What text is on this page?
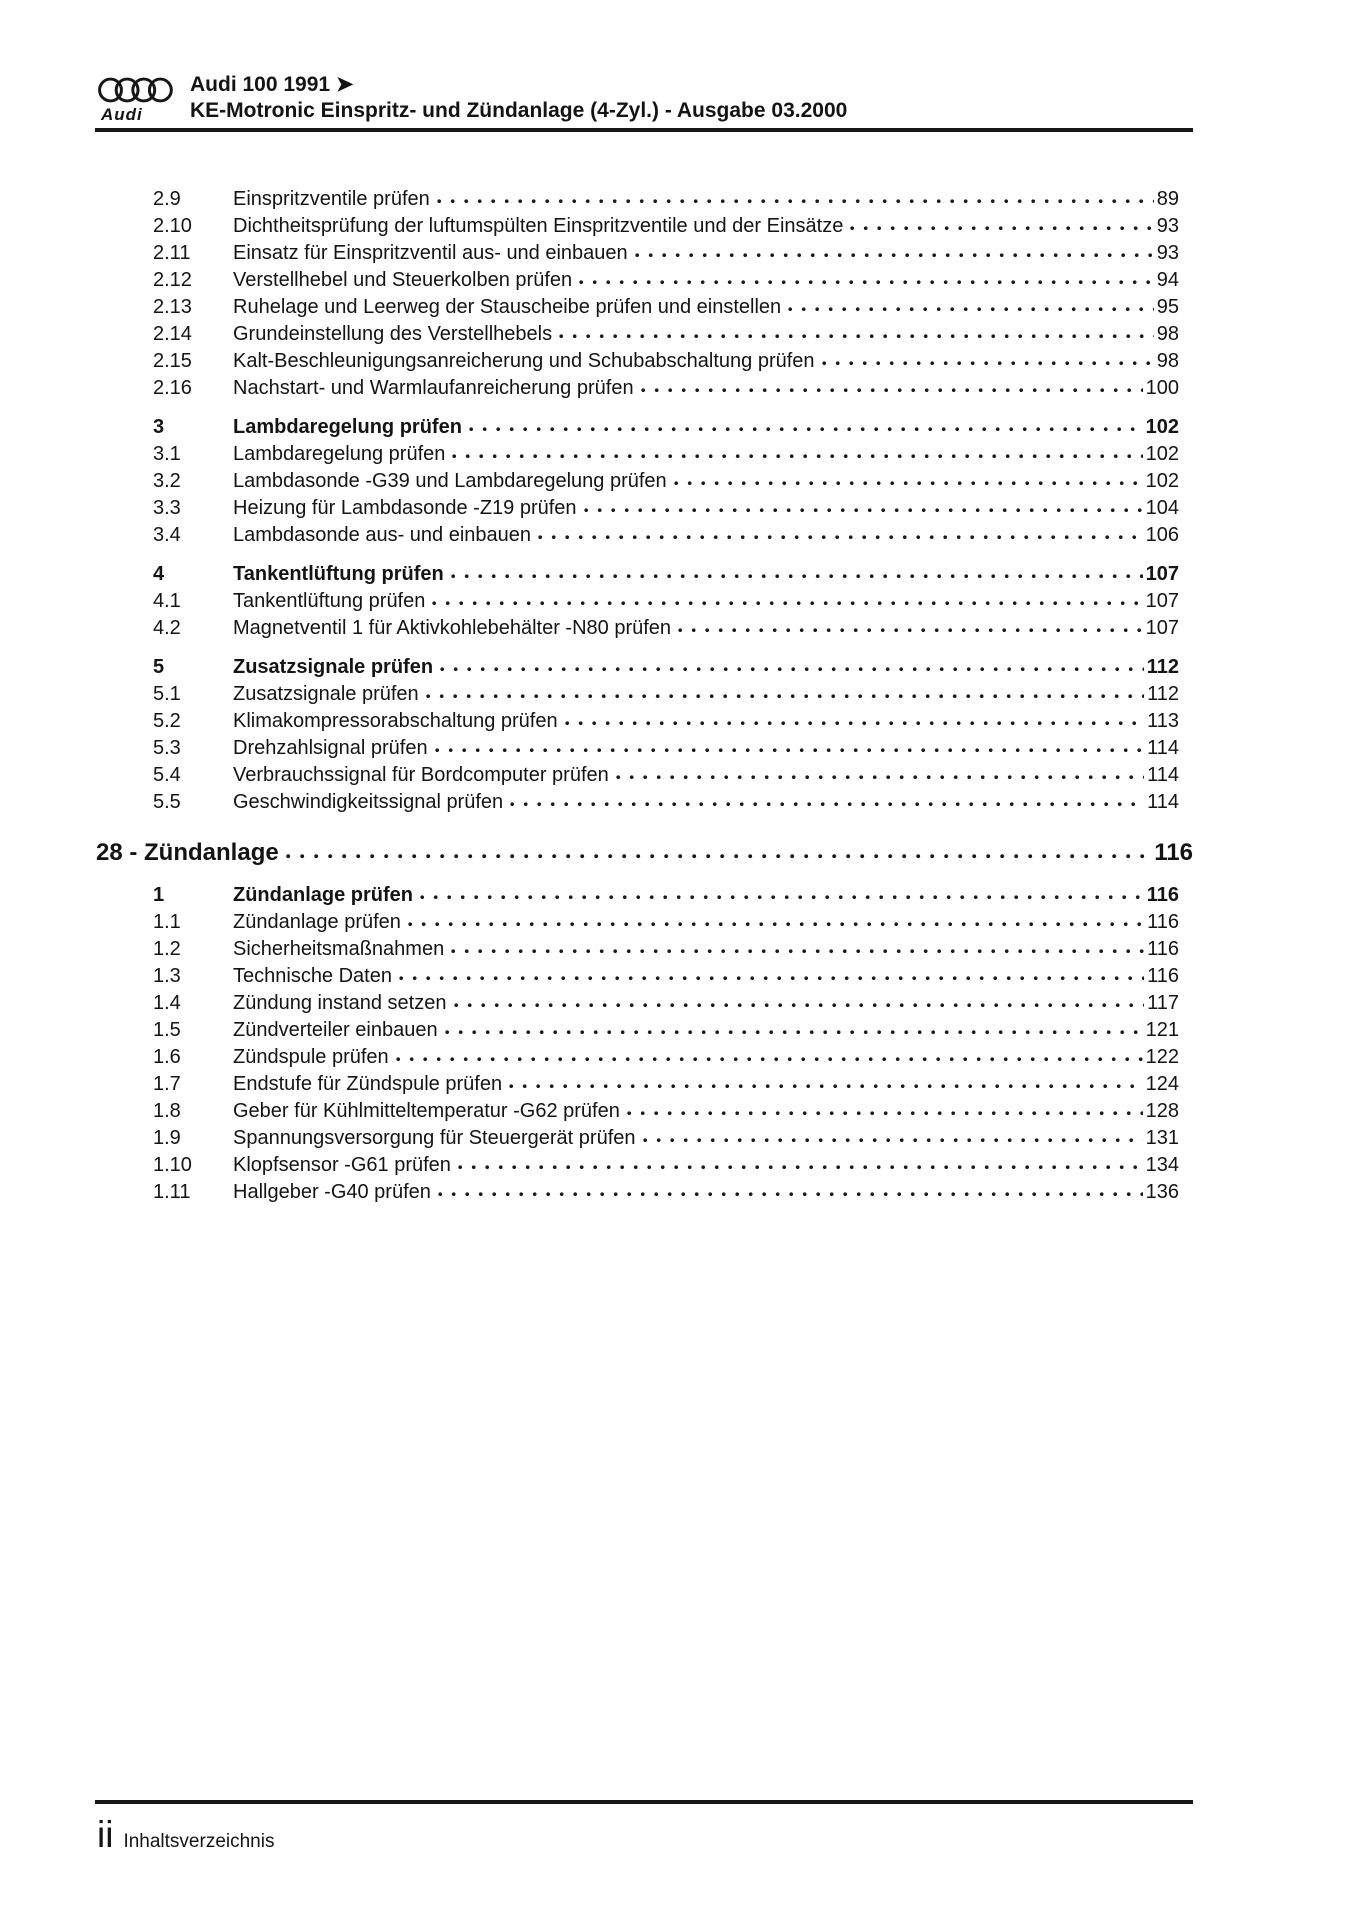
Audi
Audi 100 1991 ➤
KE-Motronic Einspritz- und Zündanlage (4-Zyl.) - Ausgabe 03.2000
2.9	Einspritzventile prüfen	89
2.10	Dichtheitsprüfung der luftumspülten Einspritzventile und der Einsätze	93
2.11	Einsatz für Einspritzventil aus- und einbauen	93
2.12	Verstellhebel und Steuerkolben prüfen	94
2.13	Ruhelage und Leerweg der Stauscheibe prüfen und einstellen	95
2.14	Grundeinstellung des Verstellhebels	98
2.15	Kalt-Beschleunigungsanreicherung und Schubabschaltung prüfen	98
2.16	Nachstart- und Warmlaufanreicherung prüfen	100
3	Lambdaregelung prüfen	102
3.1	Lambdaregelung prüfen	102
3.2	Lambdasonde -G39 und Lambdaregelung prüfen	102
3.3	Heizung für Lambdasonde -Z19 prüfen	104
3.4	Lambdasonde aus- und einbauen	106
4	Tankentlüftung prüfen	107
4.1	Tankentlüftung prüfen	107
4.2	Magnetventil 1 für Aktivkohlebehälter -N80 prüfen	107
5	Zusatzsignale prüfen	112
5.1	Zusatzsignale prüfen	112
5.2	Klimakompressorabschaltung prüfen	113
5.3	Drehzahlsignal prüfen	114
5.4	Verbrauchssignal für Bordcomputer prüfen	114
5.5	Geschwindigkeitssignal prüfen	114
28 - Zündanlage	116
1	Zündanlage prüfen	116
1.1	Zündanlage prüfen	116
1.2	Sicherheitsmaßnahmen	116
1.3	Technische Daten	116
1.4	Zündung instand setzen	117
1.5	Zündverteiler einbauen	121
1.6	Zündspule prüfen	122
1.7	Endstufe für Zündspule prüfen	124
1.8	Geber für Kühlmitteltemperatur -G62 prüfen	128
1.9	Spannungsversorgung für Steuergerät prüfen	131
1.10	Klopfsensor -G61 prüfen	134
1.11	Hallgeber -G40 prüfen	136
ii Inhaltsverzeichnis
